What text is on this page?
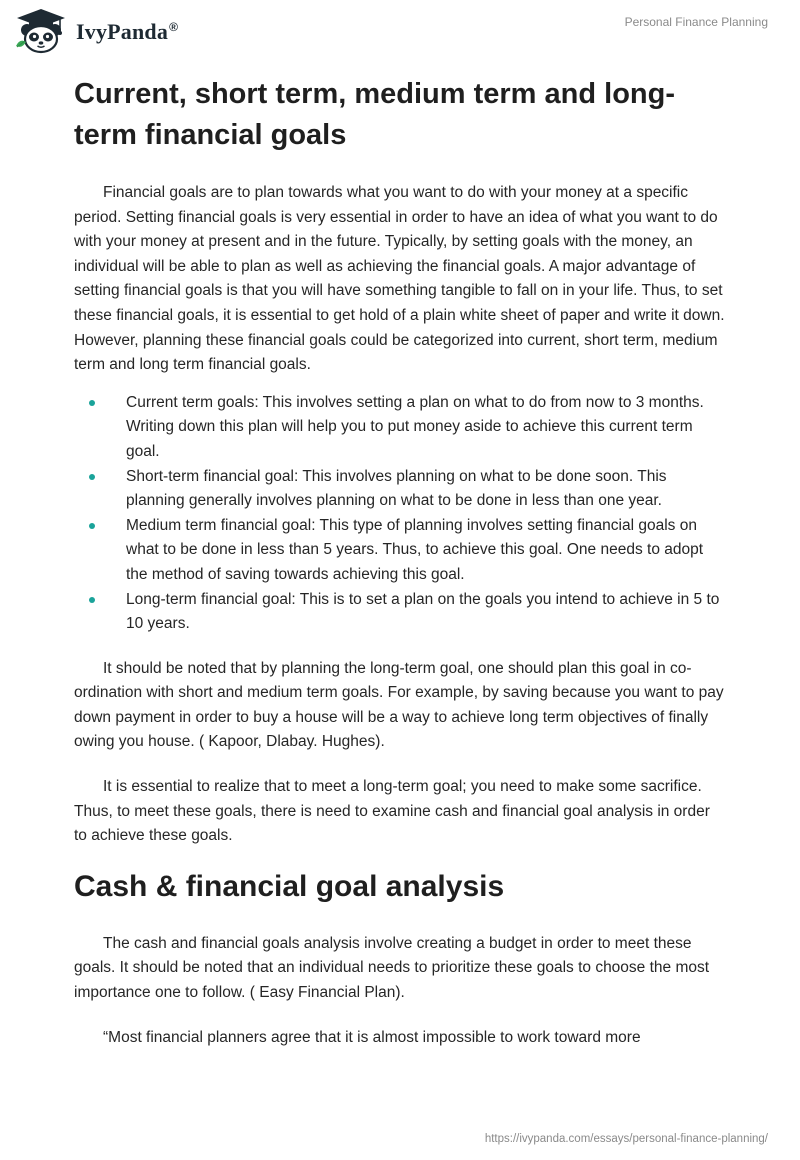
IvyPanda®	Personal Finance Planning
Current, short term, medium term and long-term financial goals

Financial goals are to plan towards what you want to do with your money at a specific period. Setting financial goals is very essential in order to have an idea of what you want to do with your money at present and in the future. Typically, by setting goals with the money, an individual will be able to plan as well as achieving the financial goals. A major advantage of setting financial goals is that you will have something tangible to fall on in your life. Thus, to set these financial goals, it is essential to get hold of a plain white sheet of paper and write it down. However, planning these financial goals could be categorized into current, short term, medium term and long term financial goals.

Current term goals: This involves setting a plan on what to do from now to 3 months. Writing down this plan will help you to put money aside to achieve this current term goal.
Short-term financial goal: This involves planning on what to be done soon. This planning generally involves planning on what to be done in less than one year.
Medium term financial goal: This type of planning involves setting financial goals on what to be done in less than 5 years. Thus, to achieve this goal. One needs to adopt the method of saving towards achieving this goal.
Long-term financial goal: This is to set a plan on the goals you intend to achieve in 5 to 10 years.

It should be noted that by planning the long-term goal, one should plan this goal in co-ordination with short and medium term goals. For example, by saving because you want to pay down payment in order to buy a house will be a way to achieve long term objectives of finally owing you house. ( Kapoor, Dlabay. Hughes).

It is essential to realize that to meet a long-term goal; you need to make some sacrifice. Thus, to meet these goals, there is need to examine cash and financial goal analysis in order to achieve these goals.

Cash & financial goal analysis

The cash and financial goals analysis involve creating a budget in order to meet these goals. It should be noted that an individual needs to prioritize these goals to choose the most importance one to follow. ( Easy Financial Plan).

“Most financial planners agree that it is almost impossible to work toward more

https://ivypanda.com/essays/personal-finance-planning/
